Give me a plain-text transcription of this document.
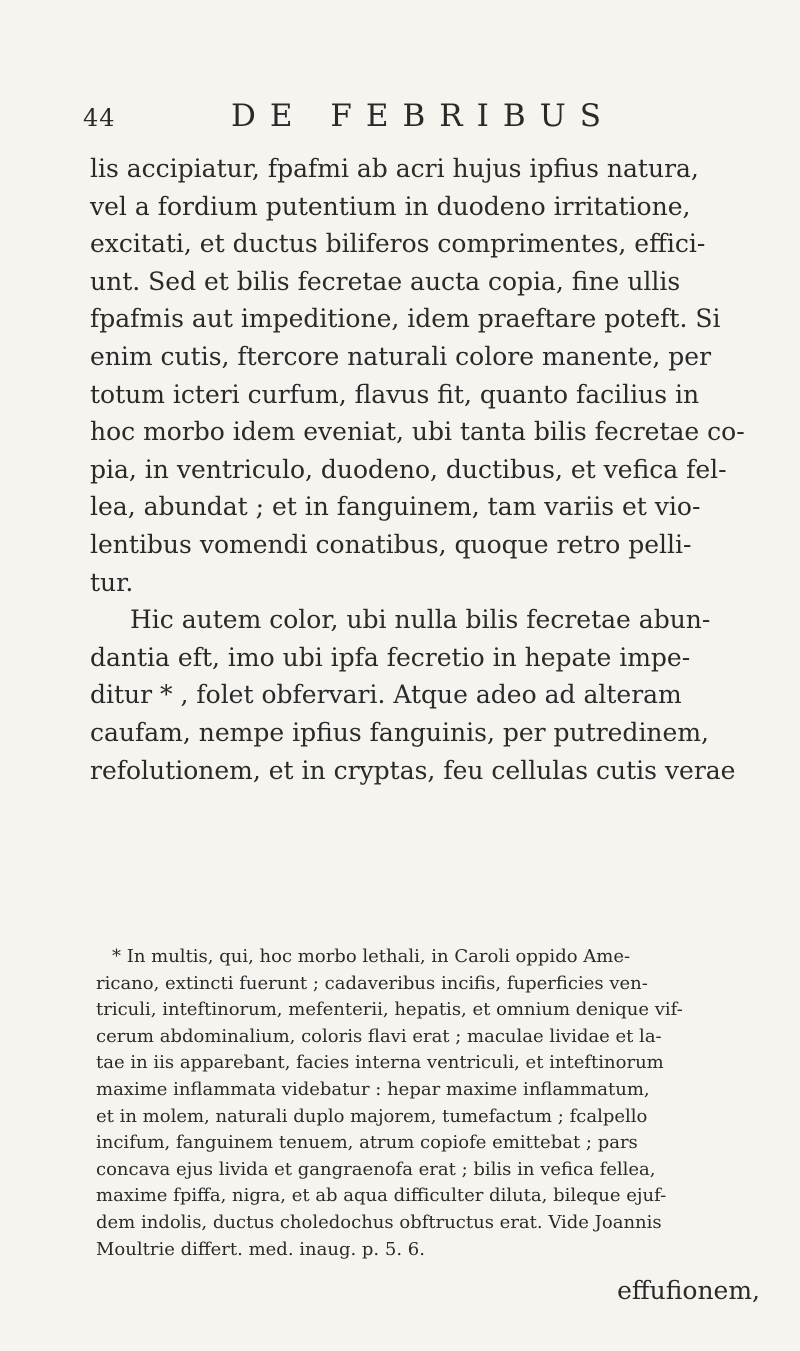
44	DE FEBRIBUS
lis accipiatur, fpafmi ab acri hujus ipfius natura,
vel a fordium putentium in duodeno irritatione,
excitati, et ductus biliferos comprimentes, effici-
unt. Sed et bilis fecretae aucta copia, fine ullis
fpafmis aut impeditione, idem praeftare poteft. Si
enim cutis, ftercore naturali colore manente, per
totum icteri curfum, flavus fit, quanto facilius in
hoc morbo idem eveniat, ubi tanta bilis fecretae co-
pia, in ventriculo, duodeno, ductibus, et vefica fel-
lea, abundat ; et in fanguinem, tam variis et vio-
lentibus vomendi conatibus, quoque retro pelli-
tur.
Hic autem color, ubi nulla bilis fecretae abun-
dantia eft, imo ubi ipfa fecretio in hepate impe-
ditur * , folet obfervari. Atque adeo ad alteram
caufam, nempe ipfius fanguinis, per putredinem,
refolutionem, et in cryptas, feu cellulas cutis verae
* In multis, qui, hoc morbo lethali, in Caroli oppido Ame-
ricano, extincti fuerunt ; cadaveribus incifis, fuperficies ven-
triculi, inteftinorum, mefenterii, hepatis, et omnium denique vif-
cerum abdominalium, coloris flavi erat ; maculae lividae et la-
tae in iis apparebant, facies interna ventriculi, et inteftinorum
maxime inflammata videbatur : hepar maxime inflammatum,
et in molem, naturali duplo majorem, tumefactum ; fcalpello
incifum, fanguinem tenuem, atrum copiofe emittebat ; pars
concava ejus livida et gangraenofa erat ; bilis in vefica fellea,
maxime fpiffa, nigra, et ab aqua difficulter diluta, bileque ejuf-
dem indolis, ductus choledochus obftructus erat. Vide Joannis
Moultrie differt. med. inaug. p. 5. 6.
effufionem,
